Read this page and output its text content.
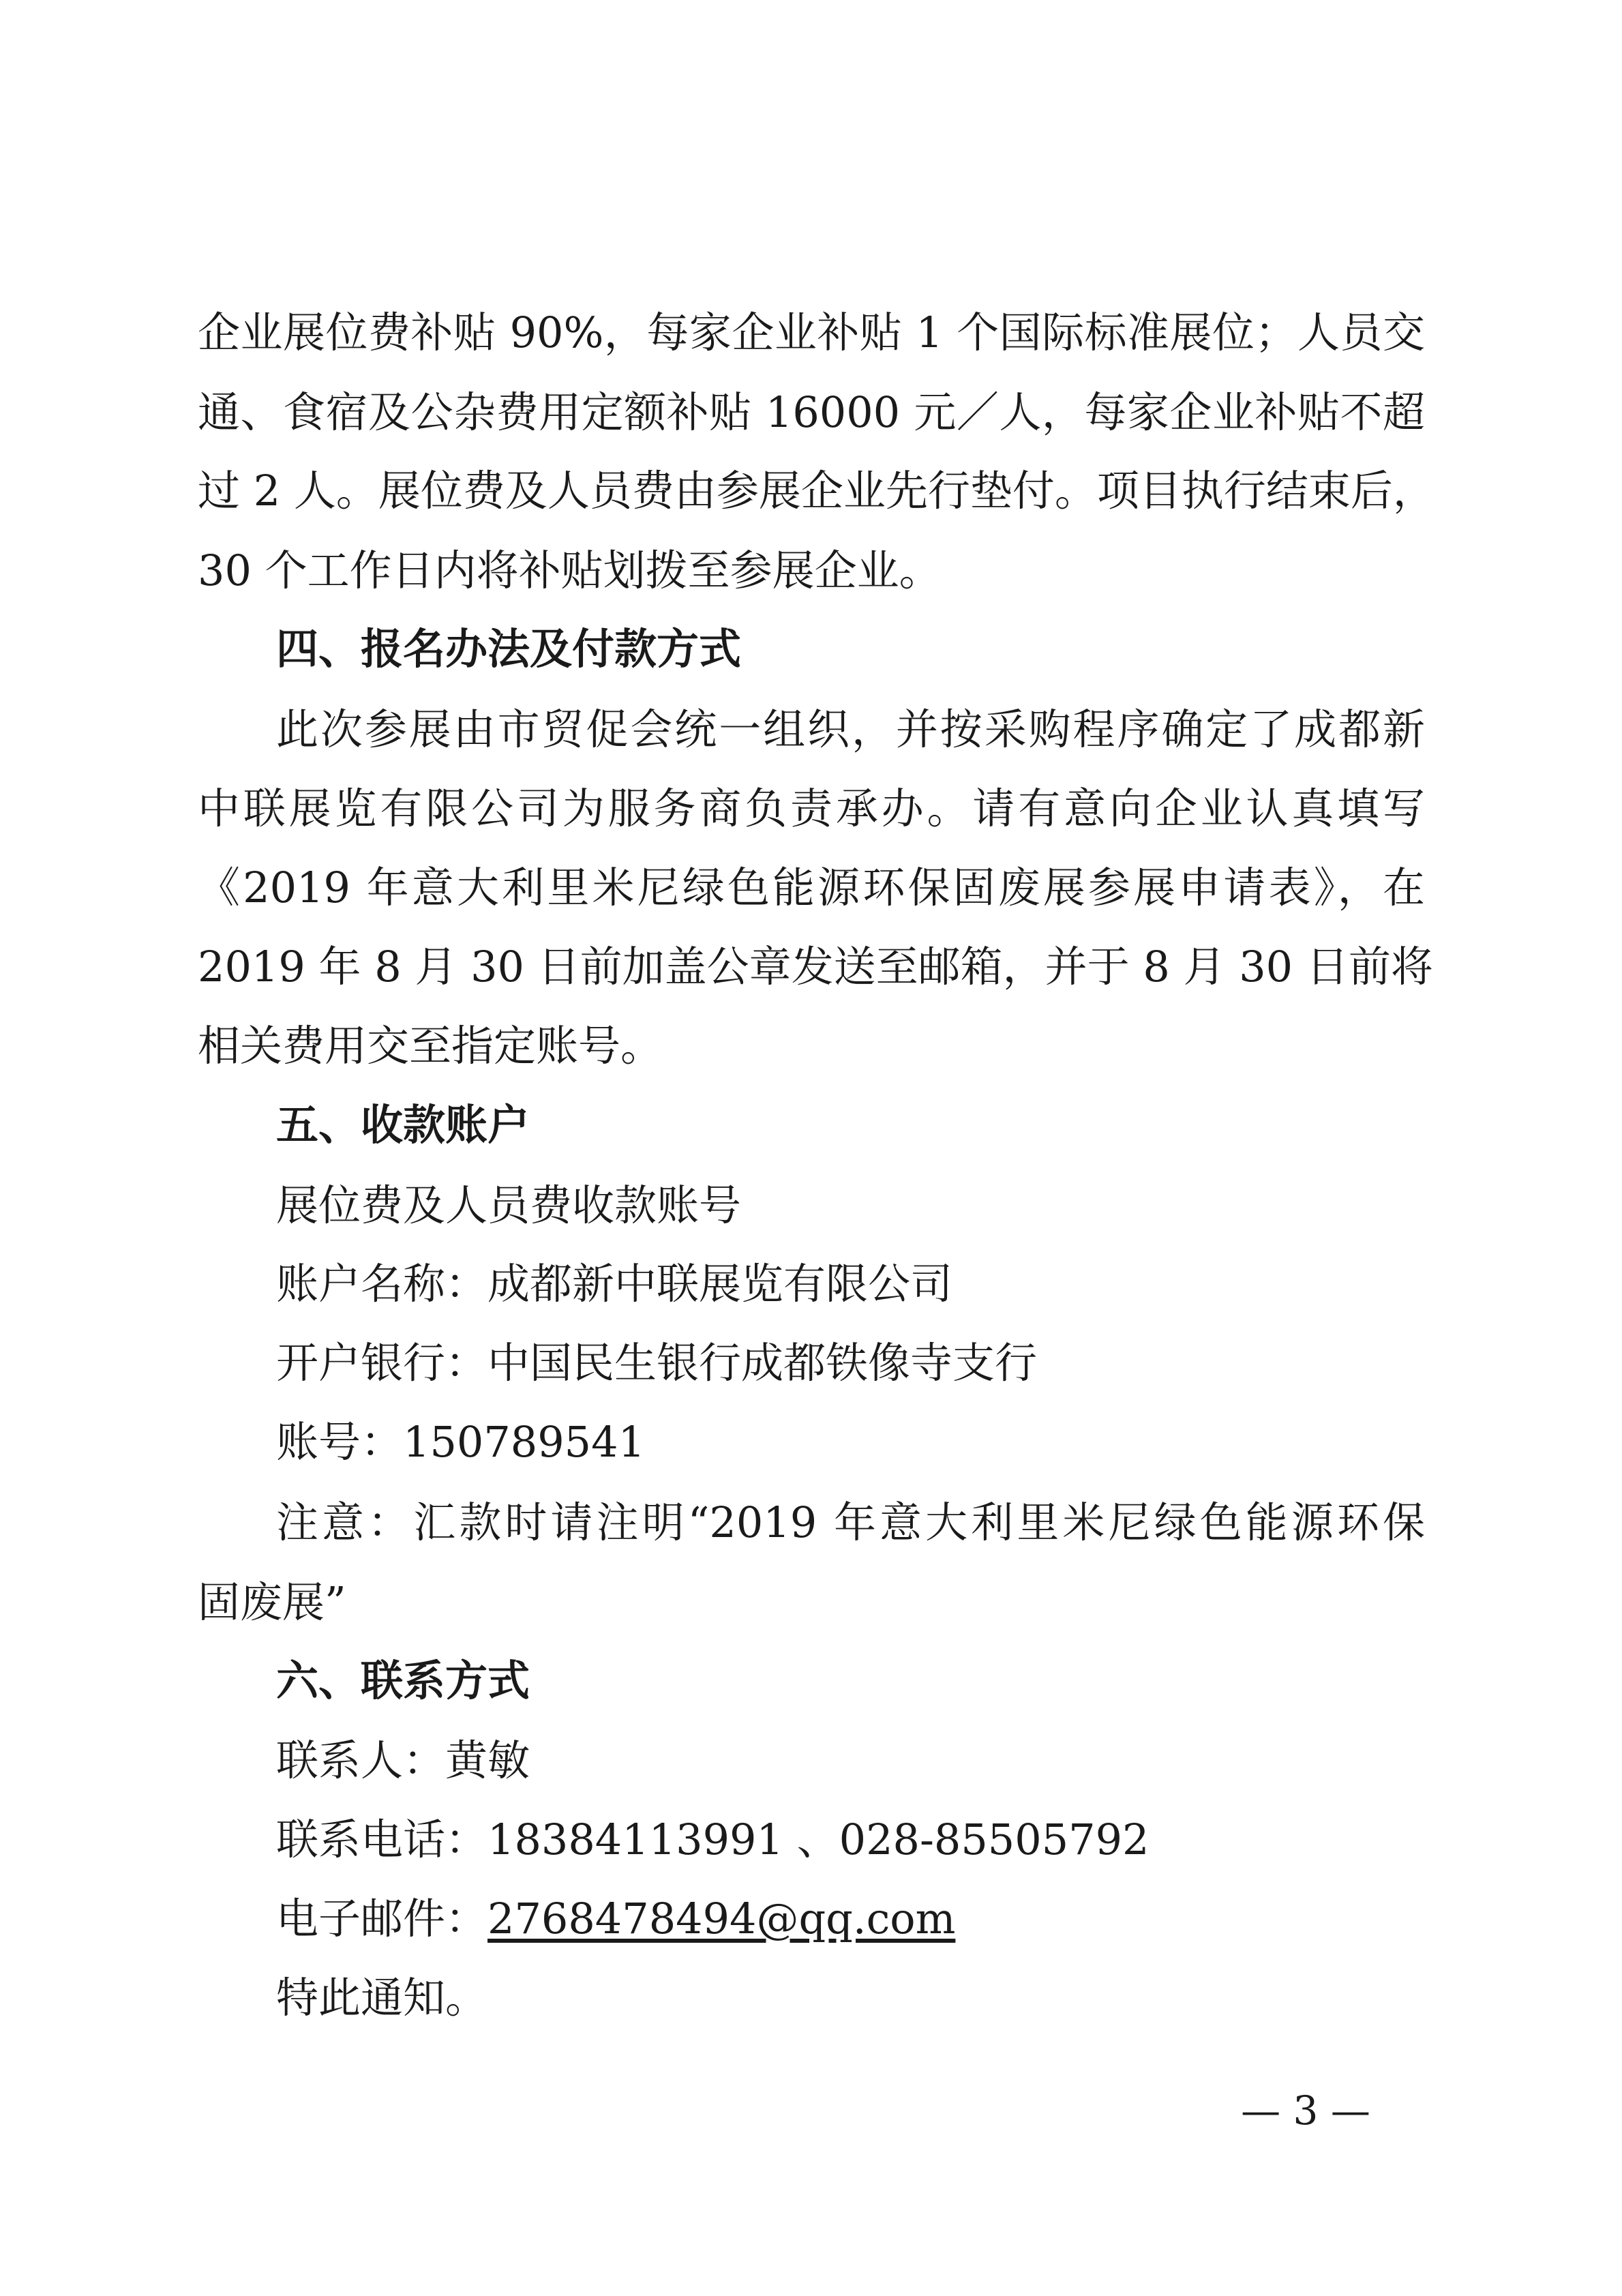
企业展位费补贴 90%，每家企业补贴 1 个国际标准展位；人员交
通、食宿及公杂费用定额补贴 16000 元／人，每家企业补贴不超
过 2 人。展位费及人员费由参展企业先行垫付。项目执行结束后，
30 个工作日内将补贴划拨至参展企业。
四、报名办法及付款方式
此次参展由市贸促会统一组织，并按采购程序确定了成都新
中联展览有限公司为服务商负责承办。请有意向企业认真填写
《2019 年意大利里米尼绿色能源环保固废展参展申请表》，在
2019 年 8 月 30 日前加盖公章发送至邮箱，并于 8 月 30 日前将
相关费用交至指定账号。
五、收款账户
展位费及人员费收款账号
账户名称：成都新中联展览有限公司
开户银行：中国民生银行成都铁像寺支行
账号：150789541
注意：汇款时请注明“2019 年意大利里米尼绿色能源环保
固废展”
六、联系方式
联系人：黄敏
联系电话：18384113991 、028-85505792
电子邮件：2768478494@qq.com
特此通知。
— 3 —
